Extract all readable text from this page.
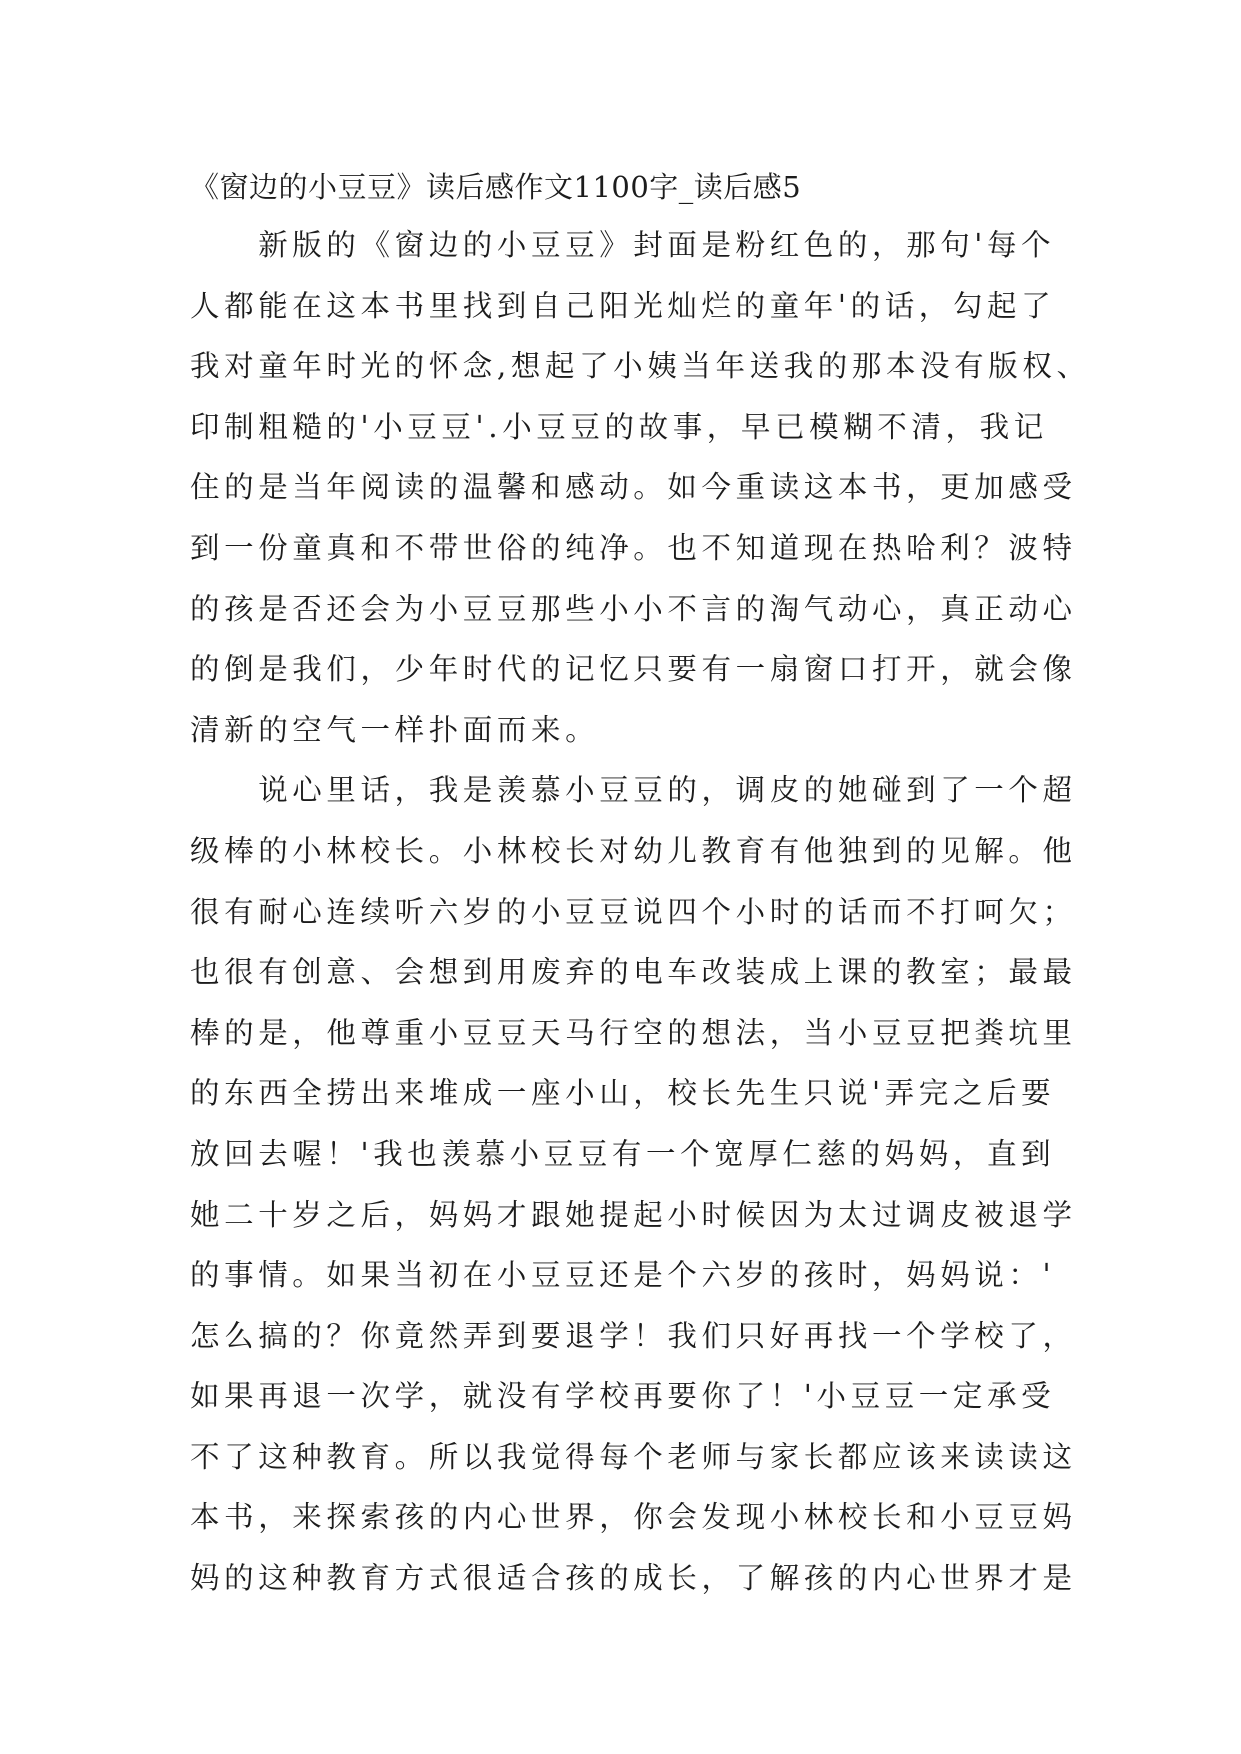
《窗边的小豆豆》读后感作文1100字_读后感5

　　新版的《窗边的小豆豆》封面是粉红色的，那句'每个
人都能在这本书里找到自己阳光灿烂的童年'的话，勾起了
我对童年时光的怀念,想起了小姨当年送我的那本没有版权、
印制粗糙的'小豆豆'.小豆豆的故事，早已模糊不清，我记
住的是当年阅读的温馨和感动。如今重读这本书，更加感受
到一份童真和不带世俗的纯净。也不知道现在热哈利？波特
的孩是否还会为小豆豆那些小小不言的淘气动心，真正动心
的倒是我们，少年时代的记忆只要有一扇窗口打开，就会像
清新的空气一样扑面而来。

　　说心里话，我是羡慕小豆豆的，调皮的她碰到了一个超
级棒的小林校长。小林校长对幼儿教育有他独到的见解。他
很有耐心连续听六岁的小豆豆说四个小时的话而不打呵欠；
也很有创意、会想到用废弃的电车改装成上课的教室；最最
棒的是，他尊重小豆豆天马行空的想法，当小豆豆把粪坑里
的东西全捞出来堆成一座小山，校长先生只说'弄完之后要
放回去喔！'我也羡慕小豆豆有一个宽厚仁慈的妈妈，直到
她二十岁之后，妈妈才跟她提起小时候因为太过调皮被退学
的事情。如果当初在小豆豆还是个六岁的孩时，妈妈说：'
怎么搞的？你竟然弄到要退学！我们只好再找一个学校了，
如果再退一次学，就没有学校再要你了！'小豆豆一定承受
不了这种教育。所以我觉得每个老师与家长都应该来读读这
本书，来探索孩的内心世界，你会发现小林校长和小豆豆妈
妈的这种教育方式很适合孩的成长，了解孩的内心世界才是
